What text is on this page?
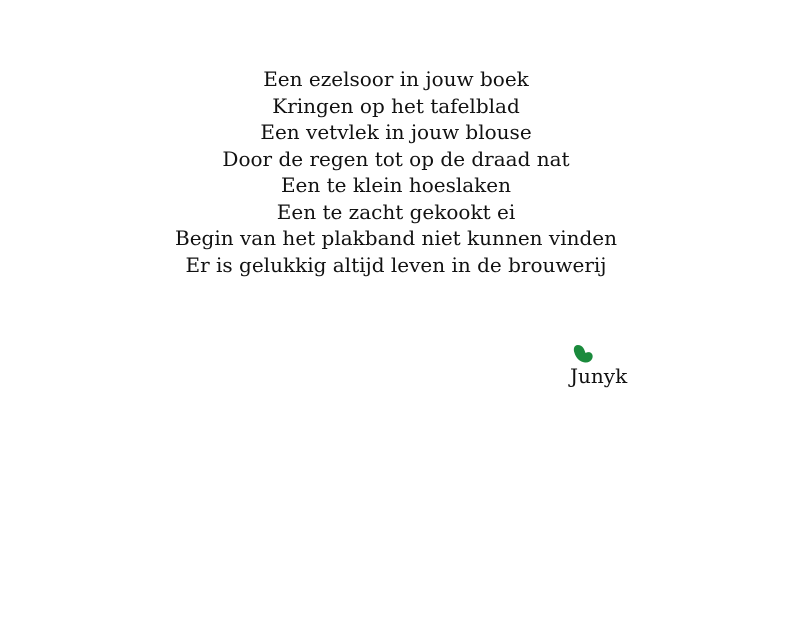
Een ezelsoor in jouw boek
Kringen op het tafelblad
Een vetvlek in jouw blouse
Door de regen tot op de draad nat
Een te klein hoeslaken
Een te zacht gekookt ei
Begin van het plakband niet kunnen vinden
Er is gelukkig altijd leven in de brouwerij
Junyk
